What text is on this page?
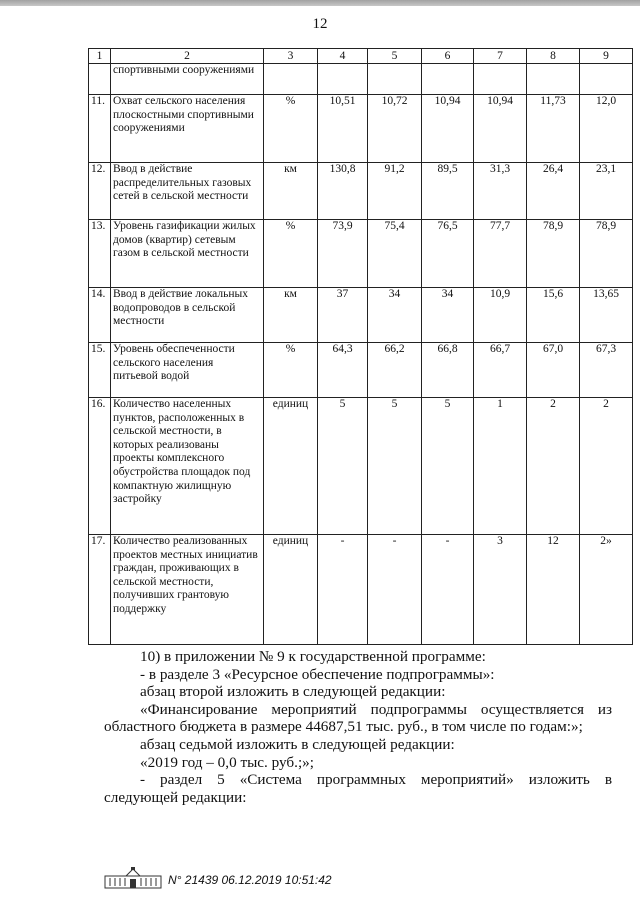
12
1	2	3	4	5	6	7	8	9
	спортивными сооружениями							
11.	Охват сельского населения плоскостными спортивными сооружениями	%	10,51	10,72	10,94	10,94	11,73	12,0
12.	Ввод в действие распределительных газовых сетей в сельской местности	км	130,8	91,2	89,5	31,3	26,4	23,1
13.	Уровень газификации жилых домов (квартир) сетевым газом в сельской местности	%	73,9	75,4	76,5	77,7	78,9	78,9
14.	Ввод в действие локальных водопроводов в сельской местности	км	37	34	34	10,9	15,6	13,65
15.	Уровень обеспеченности сельского населения питьевой водой	%	64,3	66,2	66,8	66,7	67,0	67,3
16.	Количество населенных пунктов, расположенных в сельской местности, в которых реализованы проекты комплексного обустройства площадок под компактную жилищную застройку	единиц	5	5	5	1	2	2
17.	Количество реализованных проектов местных инициатив граждан, проживающих в сельской местности, получивших грантовую поддержку	единиц	-	-	-	3	12	2»

10) в приложении № 9 к государственной программе:

- в разделе 3 «Ресурсное обеспечение подпрограммы»:

абзац второй изложить в следующей редакции:

«Финансирование мероприятий подпрограммы осуществляется из

областного бюджета в размере 44687,51 тыс. руб., в том числе по годам:»;

абзац седьмой изложить в следующей редакции:

«2019 год – 0,0 тыс. руб.;»;

- раздел 5 «Система программных мероприятий» изложить в

следующей редакции:

N° 21439 06.12.2019 10:51:42
